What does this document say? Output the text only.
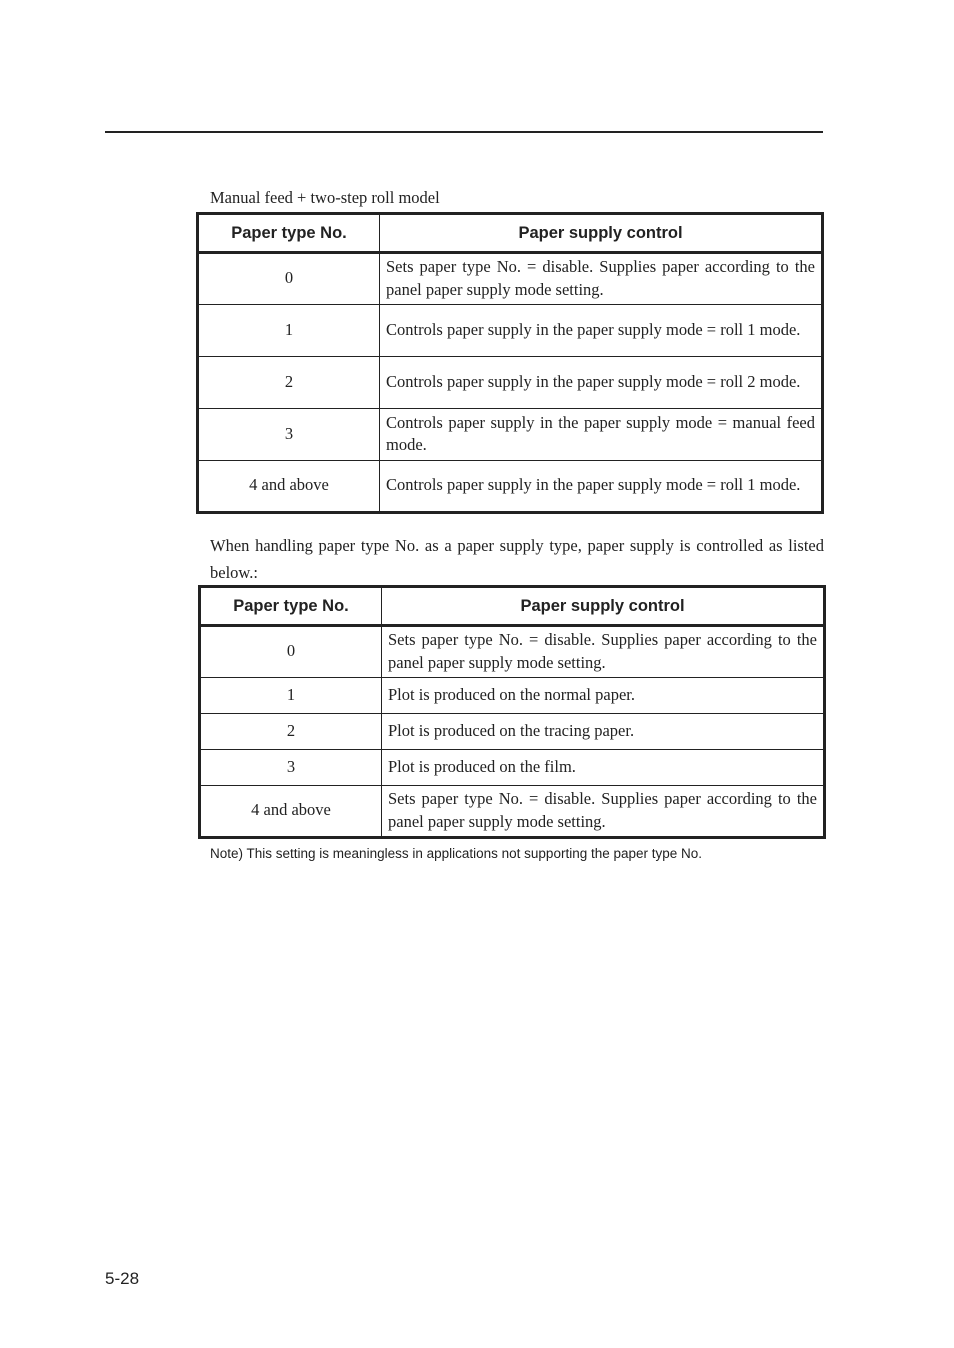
Manual feed + two-step roll model
Paper type No.	Paper supply control
0	Sets paper type No. = disable. Supplies paper according to the panel paper supply mode setting.
1	Controls paper supply in the paper supply mode = roll 1 mode.
2	Controls paper supply in the paper supply mode = roll 2 mode.
3	Controls paper supply in the paper supply mode = manual feed mode.
4 and above	Controls paper supply in the paper supply mode = roll 1 mode.
When handling paper type No. as a paper supply type, paper supply is controlled as listed below.:
Paper type No.	Paper supply control
0	Sets paper type No. = disable. Supplies paper according to the panel paper supply mode setting.
1	Plot is produced on the normal paper.
2	Plot is produced on the tracing paper.
3	Plot is produced on the film.
4 and above	Sets paper type No. = disable. Supplies paper according to the panel paper supply mode setting.
Note) This setting is meaningless in applications not supporting the paper type No.
5-28
